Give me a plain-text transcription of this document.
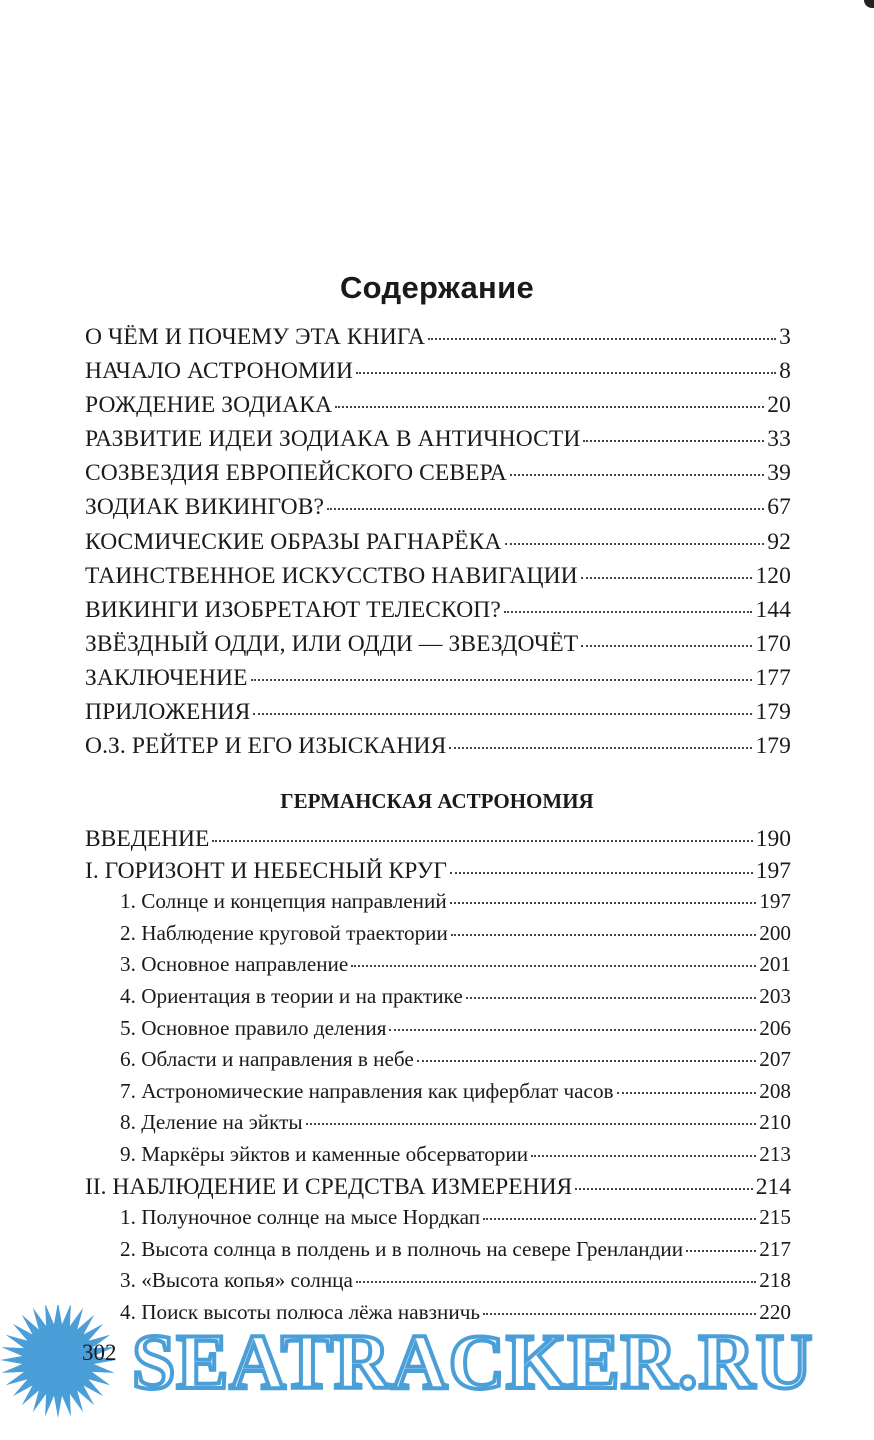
Содержание
О ЧЁМ И ПОЧЕМУ ЭТА КНИГА	3
НАЧАЛО АСТРОНОМИИ	8
РОЖДЕНИЕ ЗОДИАКА	20
РАЗВИТИЕ ИДЕИ ЗОДИАКА В АНТИЧНОСТИ	33
СОЗВЕЗДИЯ ЕВРОПЕЙСКОГО СЕВЕРА	39
ЗОДИАК ВИКИНГОВ?	67
КОСМИЧЕСКИЕ ОБРАЗЫ РАГНАРЁКА	92
ТАИНСТВЕННОЕ ИСКУССТВО НАВИГАЦИИ	120
ВИКИНГИ ИЗОБРЕТАЮТ ТЕЛЕСКОП?	144
ЗВЁЗДНЫЙ ОДДИ, ИЛИ ОДДИ — ЗВЕЗДОЧЁТ	170
ЗАКЛЮЧЕНИЕ	177
ПРИЛОЖЕНИЯ	179
О.З. РЕЙТЕР И ЕГО ИЗЫСКАНИЯ	179
ГЕРМАНСКАЯ АСТРОНОМИЯ
ВВЕДЕНИЕ	190
I. ГОРИЗОНТ И НЕБЕСНЫЙ КРУГ	197
1. Солнце и концепция направлений	197
2. Наблюдение круговой траектории	200
3. Основное направление	201
4. Ориентация в теории и на практике	203
5. Основное правило деления	206
6. Области и направления в небе	207
7. Астрономические направления как циферблат часов	208
8. Деление на эйкты	210
9. Маркёры эйктов и каменные обсерватории	213
II. НАБЛЮДЕНИЕ И СРЕДСТВА ИЗМЕРЕНИЯ	214
1. Полуночное солнце на мысе Нордкап	215
2. Высота солнца в полдень и в полночь на севере Гренландии	217
3. «Высота копья» солнца	218
4. Поиск высоты полюса лёжа навзничь	220
302 SEATRACKER.RU
